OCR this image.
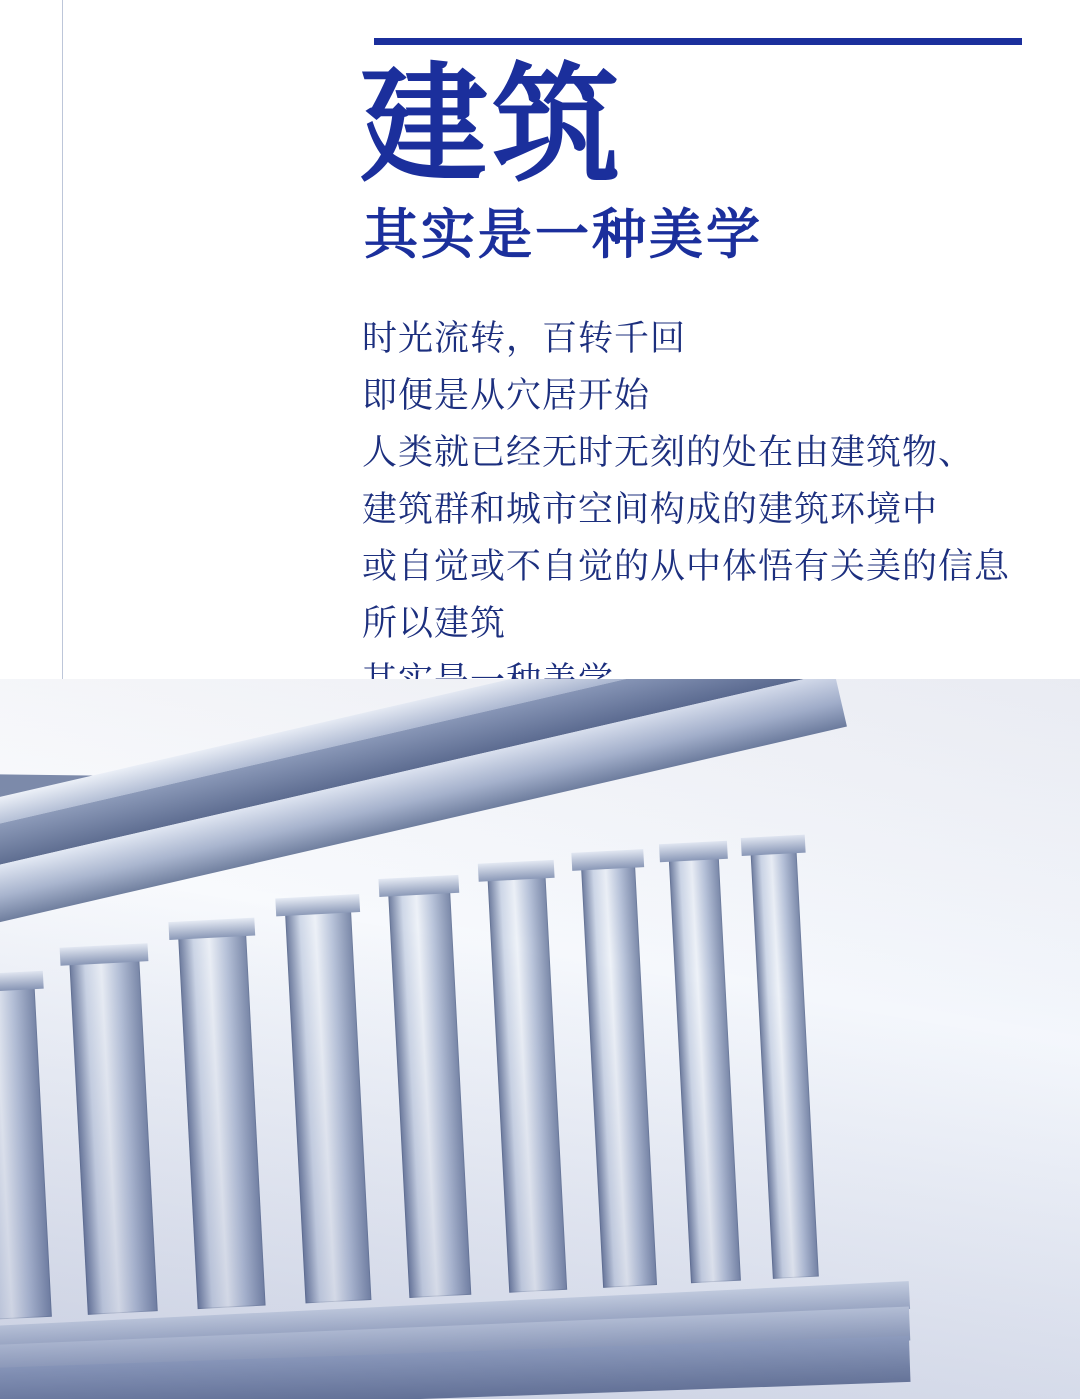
建筑
其实是一种美学
时光流转，百转千回
即便是从穴居开始
人类就已经无时无刻的处在由建筑物、
建筑群和城市空间构成的建筑环境中
或自觉或不自觉的从中体悟有关美的信息
所以建筑
